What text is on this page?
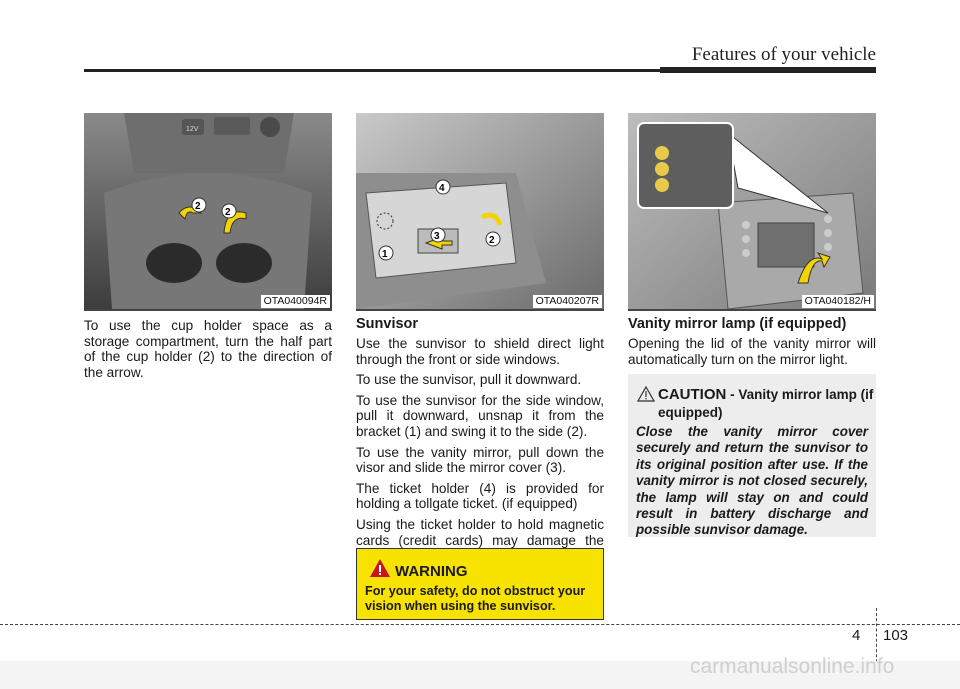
Features of your vehicle
12V
2
2
OTA040094R
1
2
3
4
OTA040207R	OTA040182/H

To use the cup holder space as a storage compartment, turn the half part of the cup holder (2) to the direction of the arrow.

Sunvisor

Use the sunvisor to shield direct light through the front or side windows.

To use the sunvisor, pull it downward.

To use the sunvisor for the side window, pull it downward, unsnap it from the bracket (1) and swing it to the side (2).

To use the vanity mirror, pull down the visor and slide the mirror cover (3).

The ticket holder (4) is provided for holding a tollgate ticket. (if equipped)

Using the ticket holder to hold magnetic cards (credit cards) may damage the

WARNING
For your safety, do not obstruct your vision when using the sunvisor.
Vanity mirror lamp (if equipped)

Opening the lid of the vanity mirror will automatically turn on the mirror light.

CAUTION - Vanity mirror lamp (if equipped)
Close the vanity mirror cover securely and return the sunvisor to its original position after use. If the vanity mirror is not closed securely, the lamp will stay on and could result in battery discharge and possible sunvisor damage.
4 103
carmanualsonline.info
